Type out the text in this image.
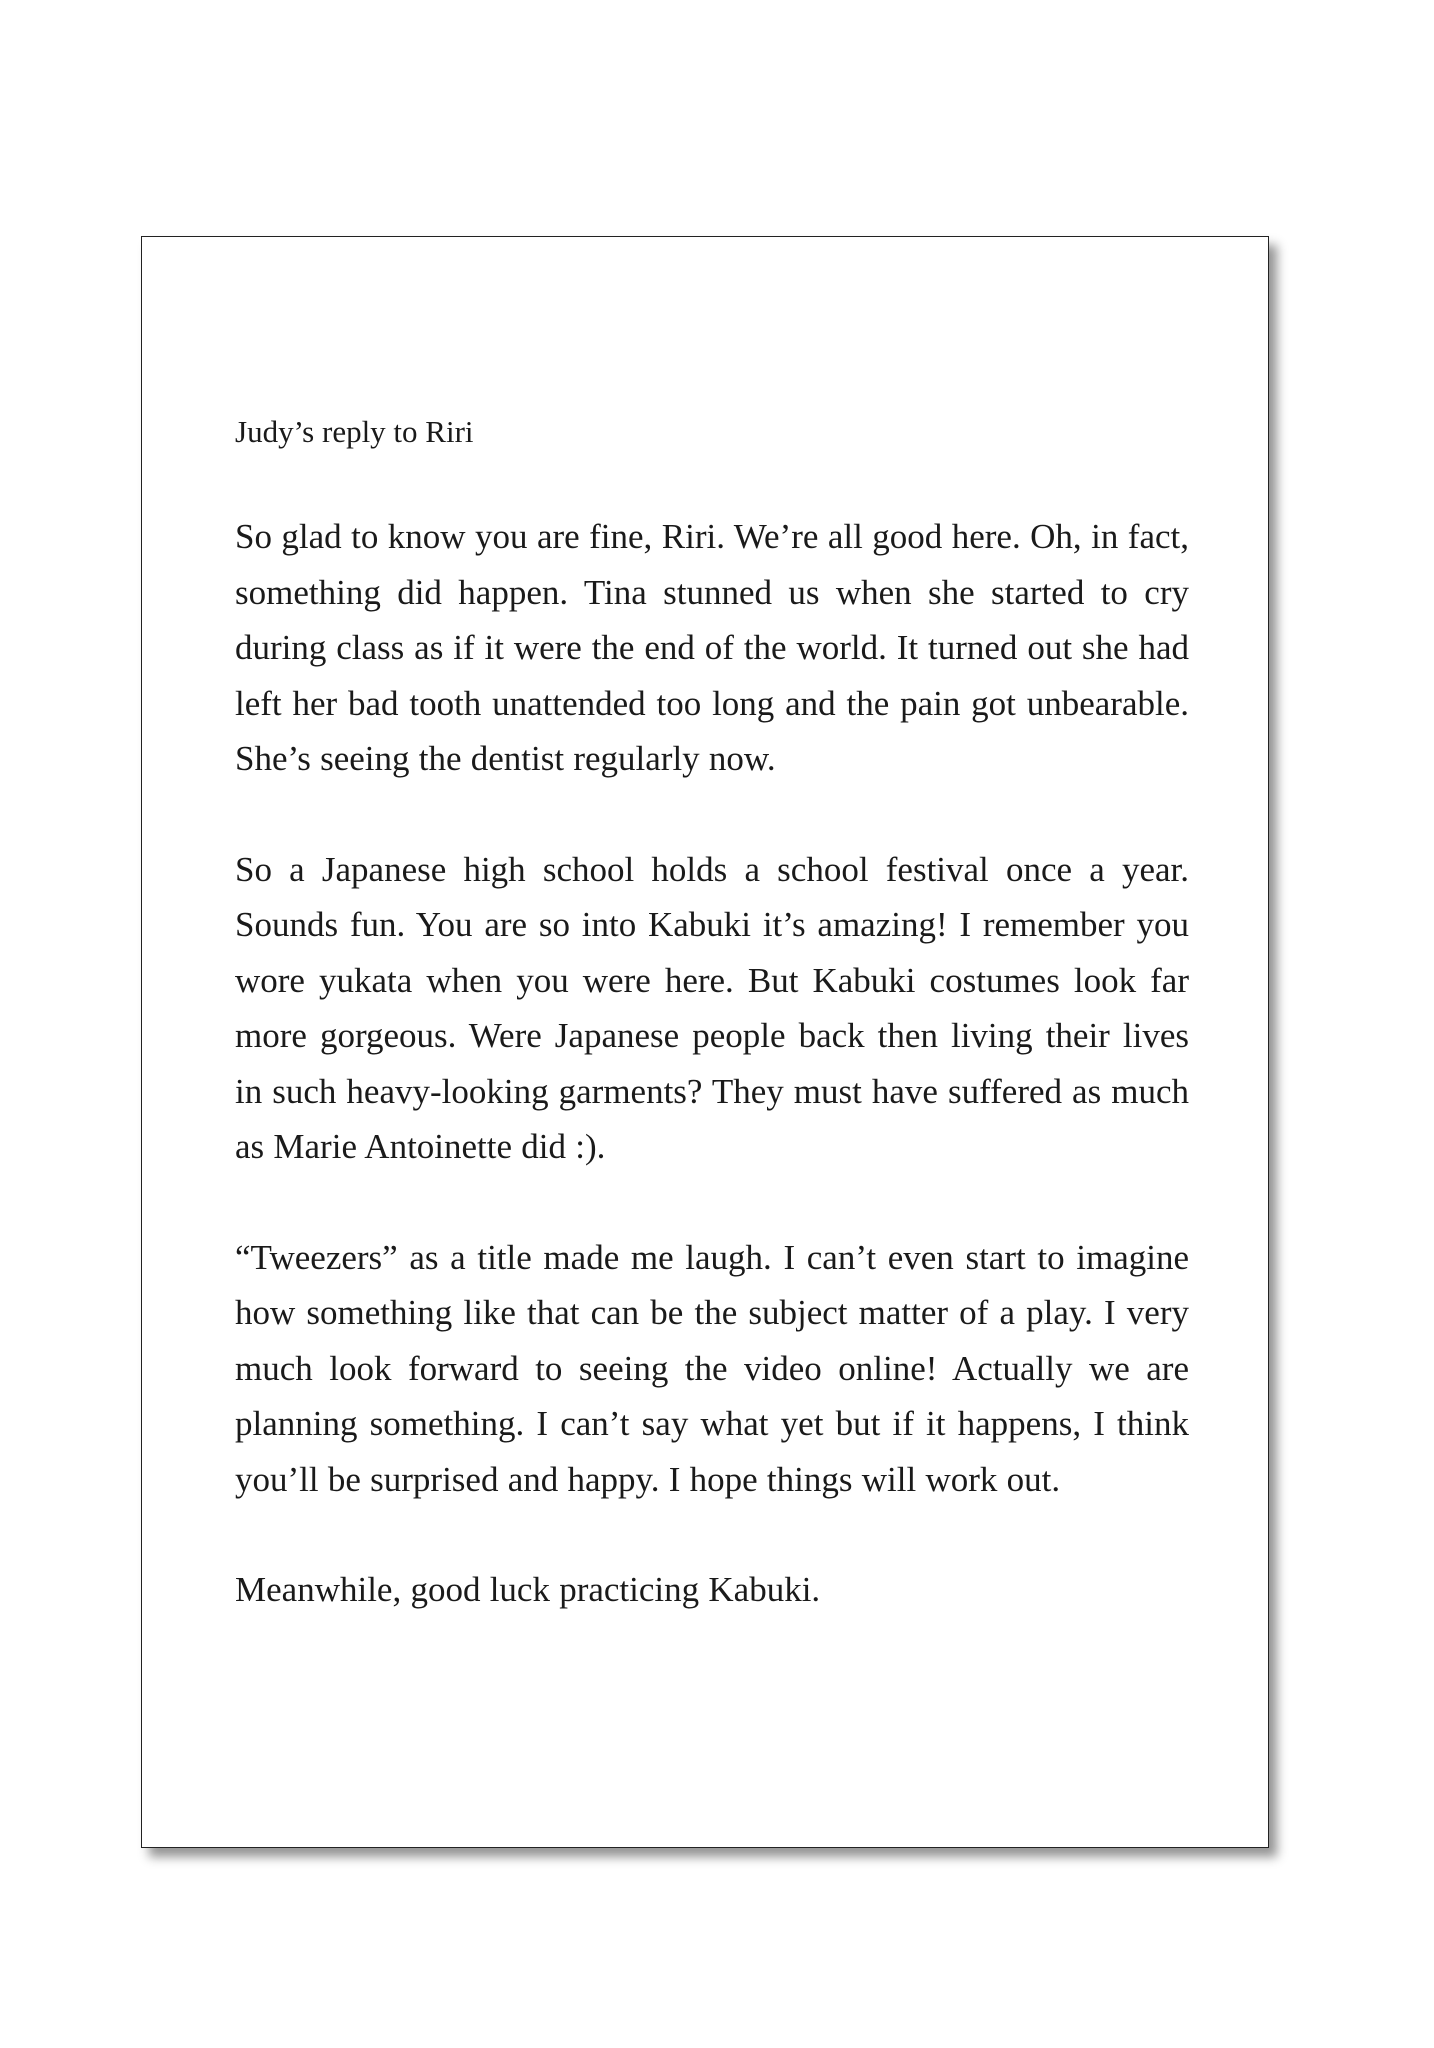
Judy’s reply to Riri

So glad to know you are fine, Riri. We’re all good here. Oh, in fact, something did happen. Tina stunned us when she started to cry during class as if it were the end of the world. It turned out she had left her bad tooth unattended too long and the pain got unbearable. She’s seeing the dentist regularly now.

So a Japanese high school holds a school festival once a year. Sounds fun. You are so into Kabuki it’s amazing! I remember you wore yukata when you were here. But Kabuki costumes look far more gorgeous. Were Japanese people back then living their lives in such heavy-looking garments? They must have suffered as much as Marie Antoinette did :).

“Tweezers” as a title made me laugh. I can’t even start to imagine how something like that can be the subject matter of a play. I very much look forward to seeing the video online! Actually we are planning something. I can’t say what yet but if it happens, I think you’ll be surprised and happy. I hope things will work out.

Meanwhile, good luck practicing Kabuki.
